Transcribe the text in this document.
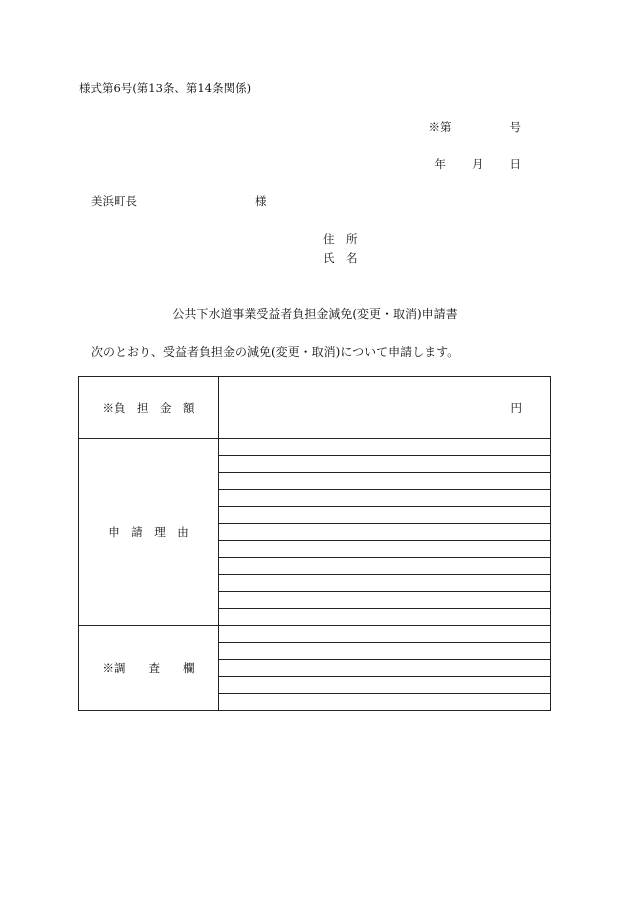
様式第6号(第13条、第14条関係)
※第	号
年 月 日
美浜町長	様
住　所
氏　名
公共下水道事業受益者負担金減免(変更・取消)申請書
次のとおり、受益者負担金の減免(変更・取消)について申請します。
※負　担　金　額	円
申　請　理　由	

※調　　査　　欄	
